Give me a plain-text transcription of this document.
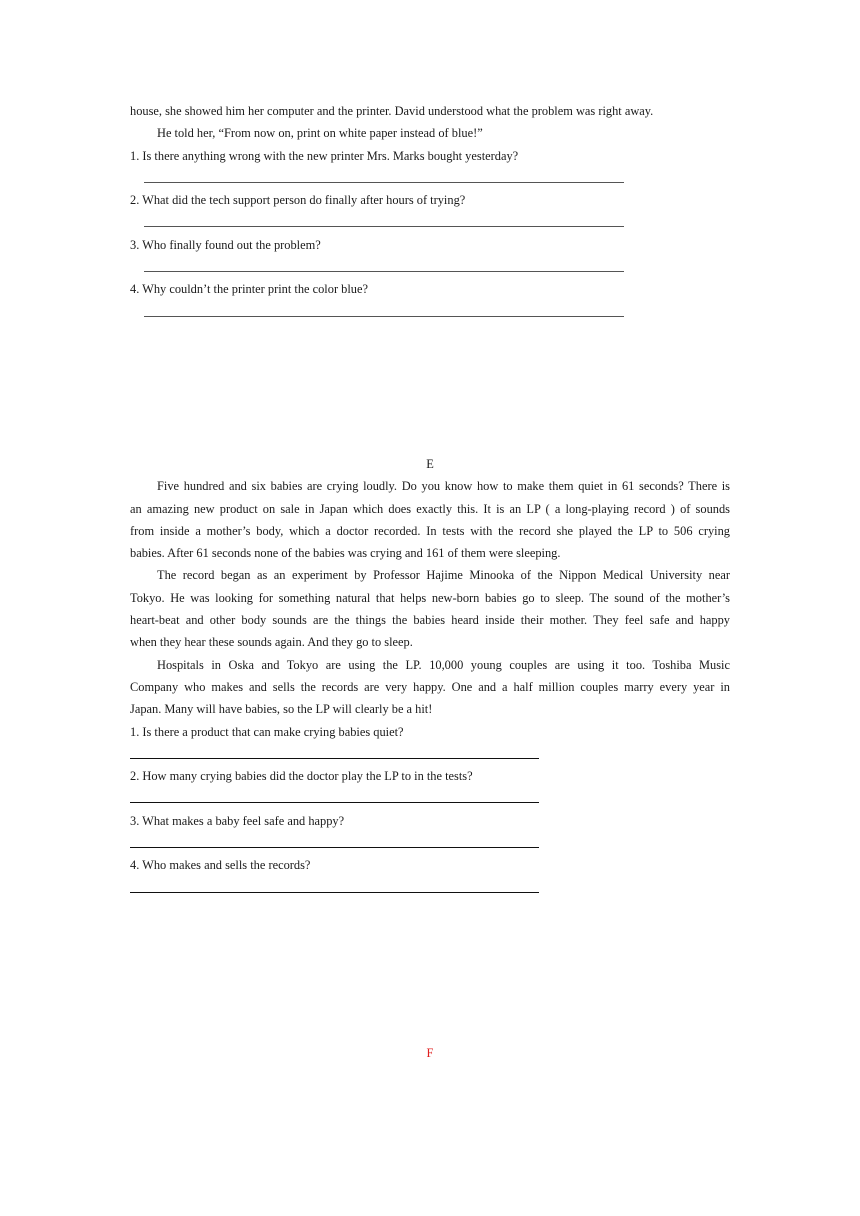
house, she showed him her computer and the printer. David understood what the problem was right away.
He told her, “From now on, print on white paper instead of blue!”
1. Is there anything wrong with the new printer Mrs. Marks bought yesterday?
2. What did the tech support person do finally after hours of trying?
3. Who finally found out the problem?
4. Why couldn’t the printer print the color blue?
E
Five hundred and six babies are crying loudly. Do you know how to make them quiet in 61 seconds? There is
an amazing new product on sale in Japan which does exactly this. It is an LP ( a long-playing record ) of sounds
from inside a mother’s body, which a doctor recorded. In tests with the record she played the LP to 506 crying
babies. After 61 seconds none of the babies was crying and 161 of them were sleeping.
The record began as an experiment by Professor Hajime Minooka of the Nippon Medical University near
Tokyo. He was looking for something natural that helps new-born babies go to sleep. The sound of the mother’s
heart-beat and other body sounds are the things the babies heard inside their mother. They feel safe and happy
when they hear these sounds again. And they go to sleep.
Hospitals in Oska and Tokyo are using the LP. 10,000 young couples are using it too. Toshiba Music
Company who makes and sells the records are very happy. One and a half million couples marry every year in
Japan. Many will have babies, so the LP will clearly be a hit!
1. Is there a product that can make crying babies quiet?
2. How many crying babies did the doctor play the LP to in the tests?
3. What makes a baby feel safe and happy?
4. Who makes and sells the records?
F
